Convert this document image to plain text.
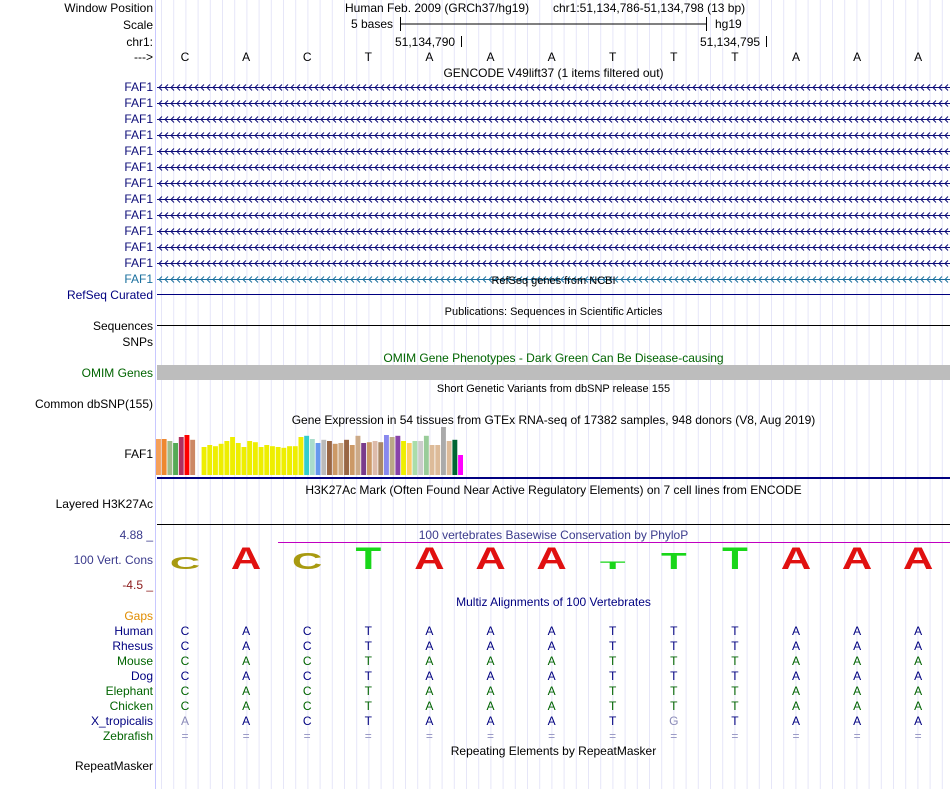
Window Position	Human Feb. 2009 (GRCh37/hg19) chr1:51,134,786-51,134,798 (13 bp)
Scale	5 bases	hg19
chr1:	51,134,790	51,134,795
--->	C	A	C	T	A	A	A	T	T	T	A	A	A
GENCODE V49lift37 (1 items filtered out)
FAF1
FAF1
FAF1
FAF1
FAF1
FAF1
FAF1
FAF1
FAF1
FAF1
FAF1
FAF1
FAF1	RefSeq genes from NCBI
RefSeq Curated
Publications: Sequences in Scientific Articles
Sequences
SNPs
OMIM Gene Phenotypes - Dark Green Can Be Disease-causing
OMIM Genes
Short Genetic Variants from dbSNP release 155
Common dbSNP(155)
Gene Expression in 54 tissues from GTEx RNA-seq of 17382 samples, 948 donors (V8, Aug 2019)
FAF1
H3K27Ac Mark (Often Found Near Active Regulatory Elements) on 7 cell lines from ENCODE
Layered H3K27Ac
100 vertebrates Basewise Conservation by PhyloP
4.88 _
100 Vert. Cons
-4.5 _
C A C T A A A T T T A A A
Gaps
Multiz Alignments of 100 Vertebrates
Human	C	A	C	T	A	A	A	T	T	T	A	A	A
Rhesus	C	A	C	T	A	A	A	T	T	T	A	A	A
Mouse	C	A	C	T	A	A	A	T	T	T	A	A	A
Dog	C	A	C	T	A	A	A	T	T	T	A	A	A
Elephant	C	A	C	T	A	A	A	T	T	T	A	A	A
Chicken	C	A	C	T	A	A	A	T	T	T	A	A	A
X_tropicalis	A	A	C	T	A	A	A	T	G	T	A	A	A
Zebrafish	=	=	=	=	=	=	=	=	=	=	=	=	=
Repeating Elements by RepeatMasker
RepeatMasker
